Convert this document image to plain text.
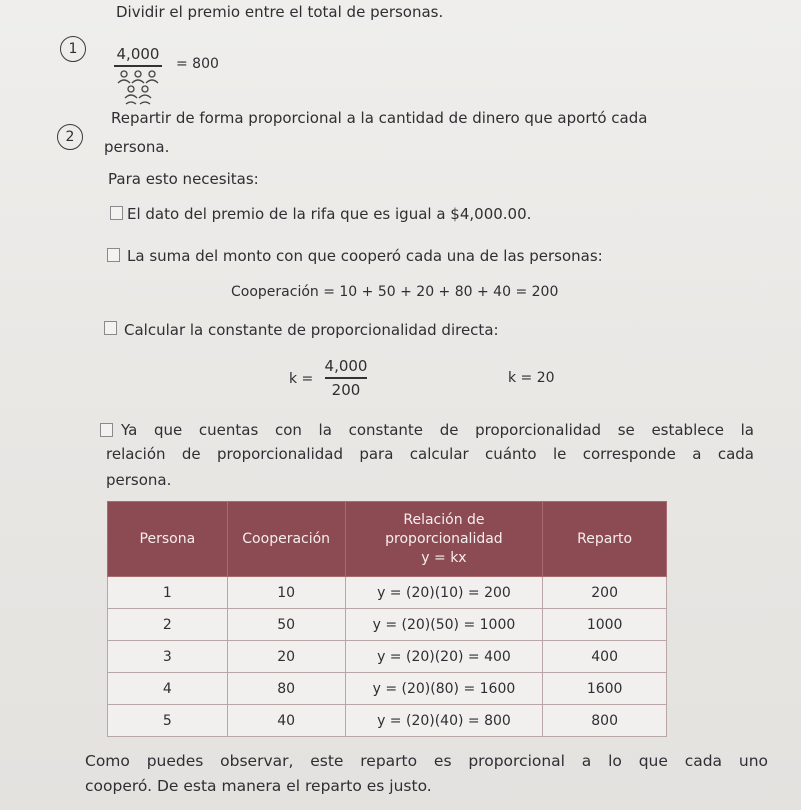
Dividir el premio entre el total de personas.
1	4,000
= 800
2
Repartir de forma proporcional a la cantidad de dinero que aportó cada
persona.
Para esto necesitas:
El dato del premio de la rifa que es igual a $4,000.00.
La suma del monto con que cooperó cada una de las personas:
Cooperación = 10 + 50 + 20 + 80 + 40 = 200
Calcular la constante de proporcionalidad directa:
k =
4,000
200
k = 20
Ya que cuentas con la constante de proporcionalidad se establece la
relación de proporcionalidad para calcular cuánto le corresponde a cada
persona.
Persona	Cooperación	Relación de
proporcionalidad
y = kx	Reparto
1	10	y = (20)(10) = 200	200
2	50	y = (20)(50) = 1000	1000
3	20	y = (20)(20) = 400	400
4	80	y = (20)(80) = 1600	1600
5	40	y = (20)(40) = 800	800
Como puedes observar, este reparto es proporcional a lo que cada uno
cooperó. De esta manera el reparto es justo.
